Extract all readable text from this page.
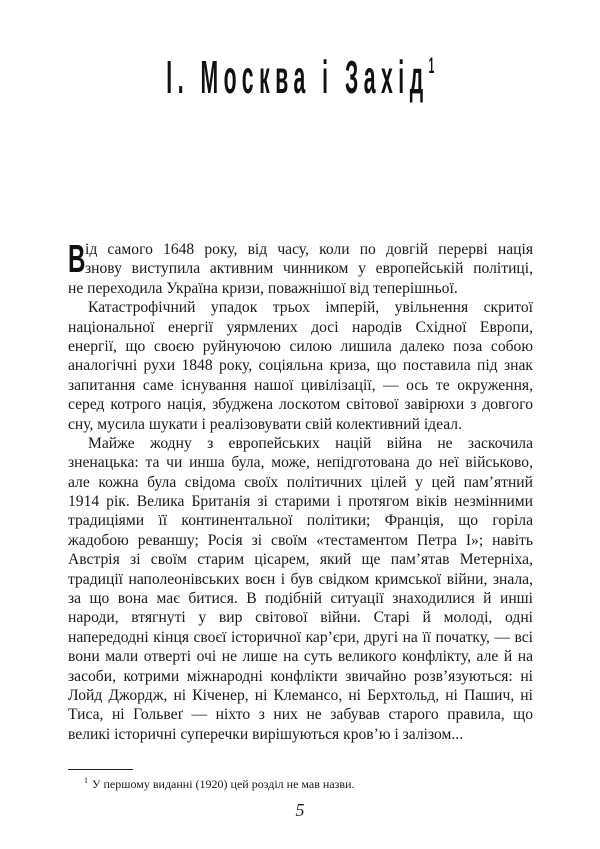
І. Москва і Захід$^1$
В ід самого 1648 року, від часу, коли по довгій перерві нація
знову виступила активним чинником у европейській політиці,
не переходила Україна кризи, поважнішої від теперішньої.
Катастрофічний упадок трьох імперій, увільнення скритої
національної енергії уярмлених досі народів Східної Европи,
енергії, що своєю руйнуючою силою лишила далеко поза собою
аналогічні рухи 1848 року, соціяльна криза, що поставила під знак
запитання саме існування нашої цивілізації, — ось те окруження,
серед котрого нація, збуджена лоскотом світової завірюхи з довгого
сну, мусила шукати і реалізовувати свій колективний ідеал.
Майже жодну з европейських націй війна не заскочила
зненацька: та чи инша була, може, непідготована до неї військово,
але кожна була свідома своїх політичних цілей у цей пам’ятний
1914 рік. Велика Британія зі старими і протягом віків незмінними
традиціями її континентальної політики; Франція, що горіла
жадобою реваншу; Росія зі своїм «тестаментом Петра І»; навіть
Австрія зі своїм старим цісарем, який ще пам’ятав Метерніха,
традиції наполеонівських воєн і був свідком кримської війни, знала,
за що вона має битися. В подібній ситуації знаходилися й инші
народи, втягнуті у вир світової війни. Старі й молоді, одні
напередодні кінця своєї історичної кар’єри, другі на її початку, — всі
вони мали отверті очі не лише на суть великого конфлікту, але й на
засоби, котрими міжнародні конфлікти звичайно розв’язуються: ні
Лойд Джордж, ні Кіченер, ні Клемансо, ні Берхтольд, ні Пашич, ні
Тиса, ні Гольвеґ — ніхто з них не забував старого правила, що
великі історичні суперечки вирішуються кров’ю і залізом...
$^1$ У першому виданні (1920) цей розділ не мав назви.
5
